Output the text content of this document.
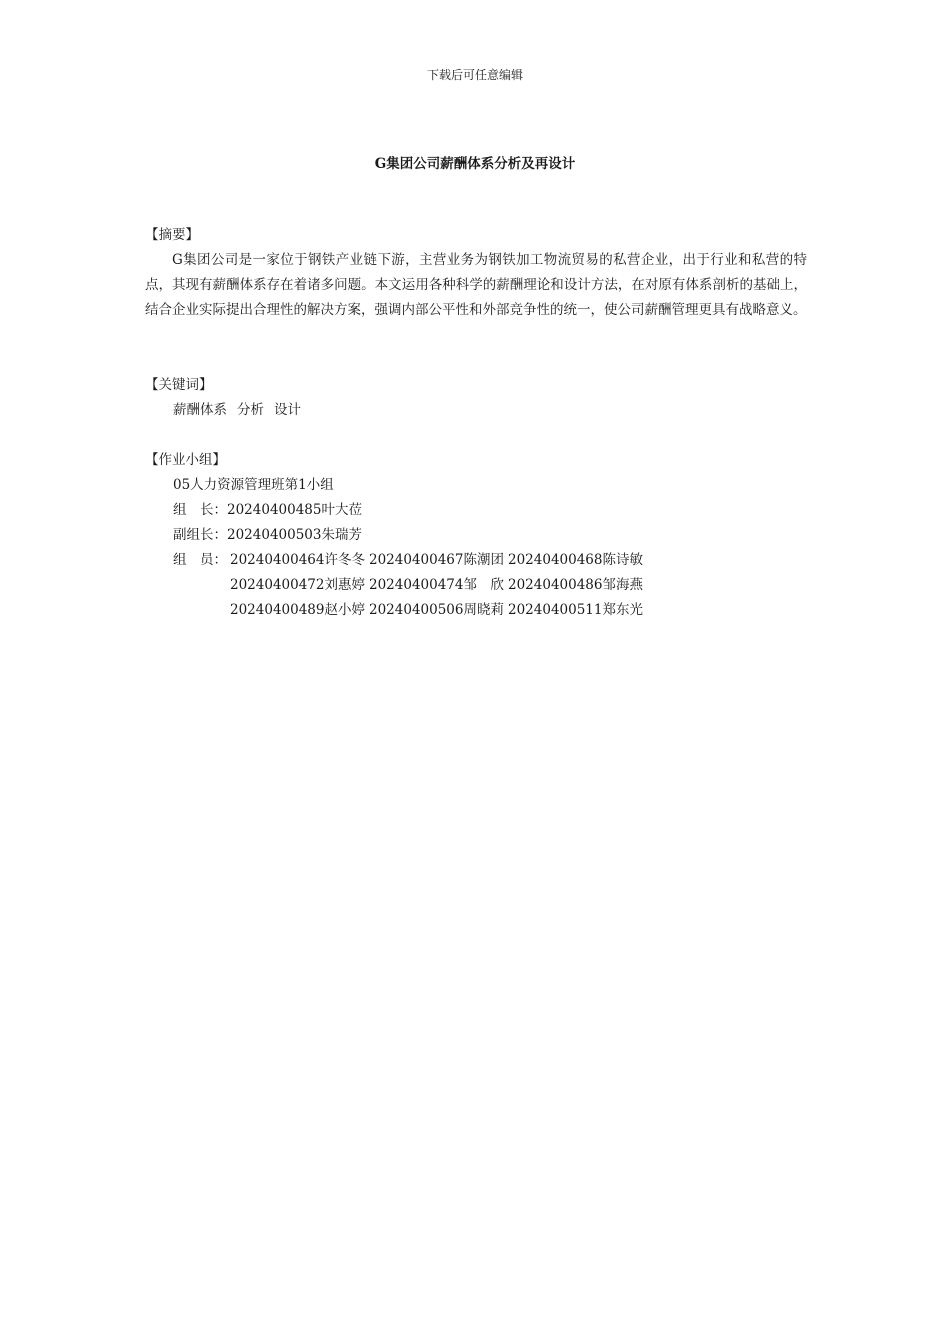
下载后可任意编辑
G集团公司薪酬体系分析及再设计

【摘要】

G集团公司是一家位于钢铁产业链下游，主营业务为钢铁加工物流贸易的私营企业，出于行业和私营的特点，其现有薪酬体系存在着诸多问题。本文运用各种科学的薪酬理论和设计方法，在对原有体系剖析的基础上，结合企业实际提出合理性的解决方案，强调内部公平性和外部竞争性的统一，使公司薪酬管理更具有战略意义。

【关键词】

薪酬体系 分析 设计

【作业小组】

05人力资源管理班第1小组

组　长：20240400485叶大莅

副组长：20240400503朱瑞芳

组　员： 20240400464许冬冬 20240400467陈潮团 20240400468陈诗敏
20240400472刘惠婷 20240400474邹　欣 20240400486邹海燕
20240400489赵小婷 20240400506周晓莉 20240400511郑东光
